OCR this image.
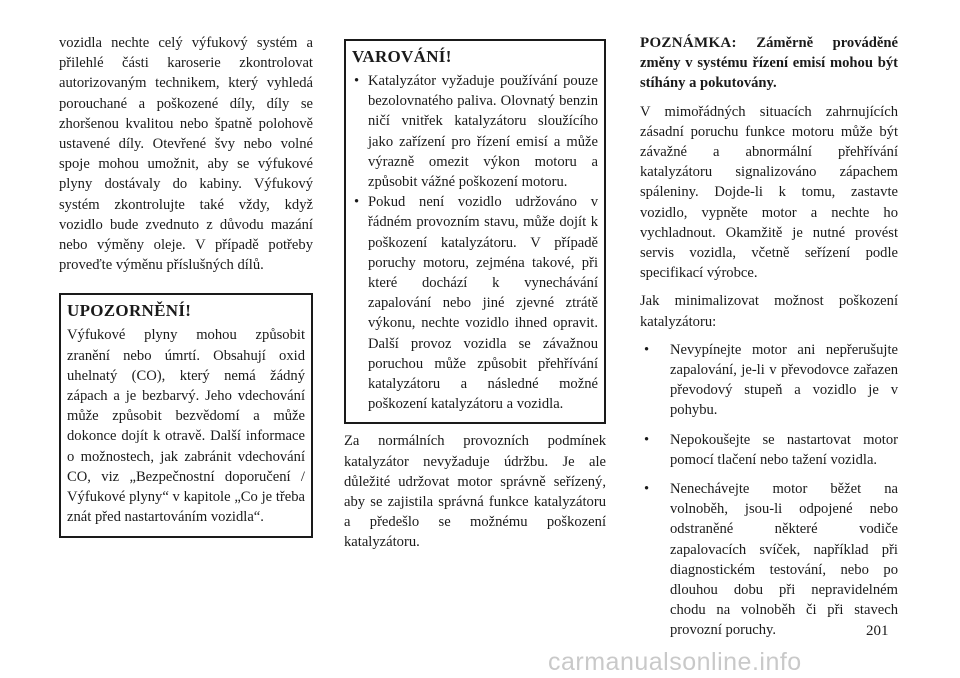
vozidla nechte celý výfukový systém a přilehlé části karoserie zkontrolovat autorizovaným technikem, který vyhledá porouchané a poškozené díly, díly se zhoršenou kvalitou nebo špatně polohově ustavené díly. Otevřené švy nebo volné spoje mohou umožnit, aby se výfukové plyny dostávaly do kabiny. Výfukový systém zkontrolujte také vždy, když vozidlo bude zvednuto z důvodu mazání nebo výměny oleje. V případě potřeby proveďte výměnu příslušných dílů.

UPOZORNĚNÍ!

Výfukové plyny mohou způsobit zranění nebo úmrtí. Obsahují oxid uhelnatý (CO), který nemá žádný zápach a je bezbarvý. Jeho vdechování může způsobit bezvědomí a může dokonce dojít k otravě. Další informace o možnostech, jak zabránit vdechování CO, viz „Bezpečnostní doporučení / Výfukové plyny“ v kapitole „Co je třeba znát před nastartováním vozidla“.

VAROVÁNÍ!
• Katalyzátor vyžaduje používání pouze bezolovnatého paliva. Olovnatý benzin ničí vnitřek katalyzátoru sloužícího jako zařízení pro řízení emisí a může výrazně omezit výkon motoru a způsobit vážné poškození motoru.
• Pokud není vozidlo udržováno v řádném provozním stavu, může dojít k poškození katalyzátoru. V případě poruchy motoru, zejména takové, při které dochází k vynechávání zapalování nebo jiné zjevné ztrátě výkonu, nechte vozidlo ihned opravit. Další provoz vozidla se závažnou poruchou může způsobit přehřívání katalyzátoru a následné možné poškození katalyzátoru a vozidla.

Za normálních provozních podmínek katalyzátor nevyžaduje údržbu. Je ale důležité udržovat motor správně seřízený, aby se zajistila správná funkce katalyzátoru a předešlo se možnému poškození katalyzátoru.

POZNÁMKA: Záměrně prováděné změny v systému řízení emisí mohou být stíhány a pokutovány.

V mimořádných situacích zahrnujících zásadní poruchu funkce motoru může být závažné a abnormální přehřívání katalyzátoru signalizováno zápachem spáleniny. Dojde-li k tomu, zastavte vozidlo, vypněte motor a nechte ho vychladnout. Okamžitě je nutné provést servis vozidla, včetně seřízení podle specifikací výrobce.

Jak minimalizovat možnost poškození katalyzátoru:

• Nevypínejte motor ani nepřerušujte zapalování, je-li v převodovce zařazen převodový stupeň a vozidlo je v pohybu.
• Nepokoušejte se nastartovat motor pomocí tlačení nebo tažení vozidla.
• Nenechávejte motor běžet na volnoběh, jsou-li odpojené nebo odstraněné některé vodiče zapalovacích svíček, například při diagnostickém testování, nebo po dlouhou dobu při nepravidelném chodu na volnoběh či při stavech provozní poruchy.	201
carmanualsonline.info
